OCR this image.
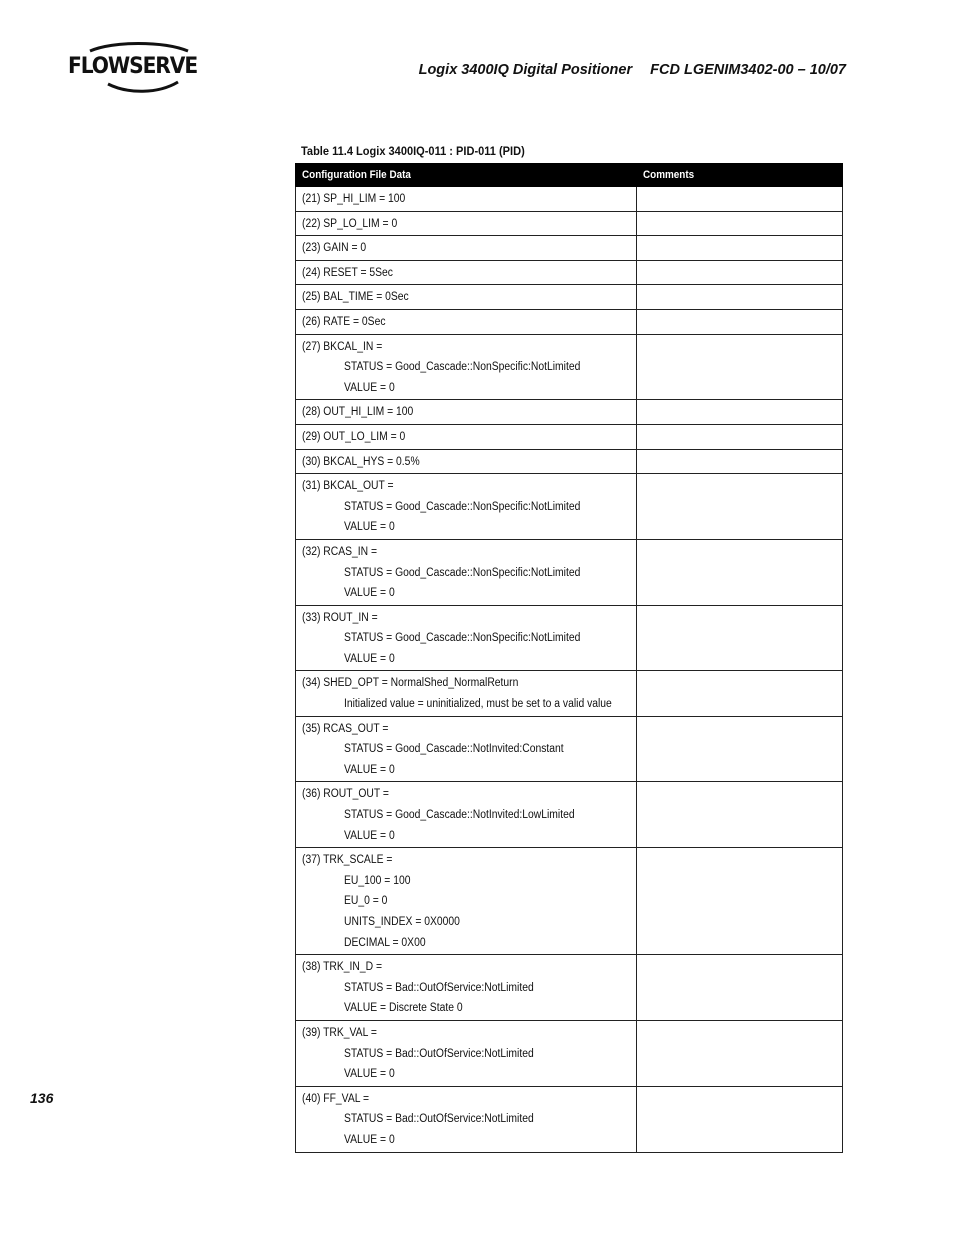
FLOWSERVE	Logix 3400IQ Digital Positioner FCD LGENIM3402-00 – 10/07
Table 11.4 Logix 3400IQ-011 : PID-011 (PID)
Configuration File Data	Comments
(21) SP_HI_LIM = 100	
(22) SP_LO_LIM = 0	
(23) GAIN = 0	
(24) RESET = 5Sec	
(25) BAL_TIME = 0Sec	
(26) RATE = 0Sec	
(27) BKCAL_IN =
STATUS = Good_Cascade::NonSpecific:NotLimited
VALUE = 0	

(28) OUT_HI_LIM = 100	
(29) OUT_LO_LIM = 0	
(30) BKCAL_HYS = 0.5%	
(31) BKCAL_OUT =
STATUS = Good_Cascade::NonSpecific:NotLimited
VALUE = 0	

(32) RCAS_IN =
STATUS = Good_Cascade::NonSpecific:NotLimited
VALUE = 0	

(33) ROUT_IN =
STATUS = Good_Cascade::NonSpecific:NotLimited
VALUE = 0	

(34) SHED_OPT = NormalShed_NormalReturn
Initialized value = uninitialized, must be set to a valid value	

(35) RCAS_OUT =
STATUS = Good_Cascade::NotInvited:Constant
VALUE = 0	

(36) ROUT_OUT =
STATUS = Good_Cascade::NotInvited:LowLimited
VALUE = 0	

(37) TRK_SCALE =
EU_100 = 100
EU_0 = 0
UNITS_INDEX = 0X0000
DECIMAL = 0X00	

(38) TRK_IN_D =
STATUS = Bad::OutOfService:NotLimited
VALUE = Discrete State 0	

(39) TRK_VAL =
STATUS = Bad::OutOfService:NotLimited
VALUE = 0	

(40) FF_VAL =
STATUS = Bad::OutOfService:NotLimited
VALUE = 0	

136
